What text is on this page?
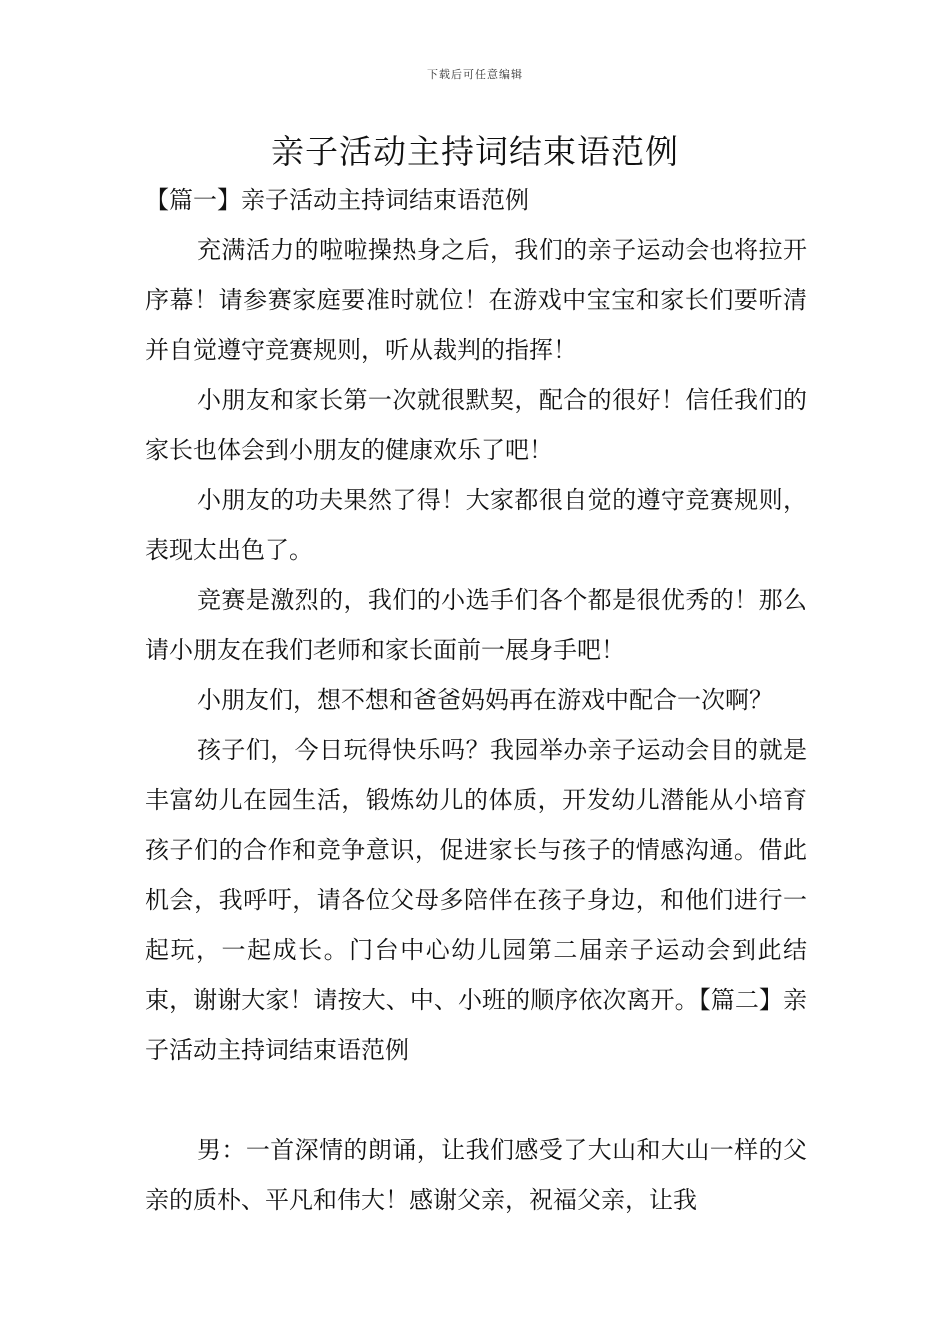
下载后可任意编辑
亲子活动主持词结束语范例

【篇一】亲子活动主持词结束语范例

充满活力的啦啦操热身之后，我们的亲子运动会也将拉开序幕！请参赛家庭要准时就位！在游戏中宝宝和家长们要听清并自觉遵守竞赛规则，听从裁判的指挥！

小朋友和家长第一次就很默契，配合的很好！信任我们的家长也体会到小朋友的健康欢乐了吧！

小朋友的功夫果然了得！大家都很自觉的遵守竞赛规则，表现太出色了。

竞赛是激烈的，我们的小选手们各个都是很优秀的！那么请小朋友在我们老师和家长面前一展身手吧！

小朋友们，想不想和爸爸妈妈再在游戏中配合一次啊？

孩子们，今日玩得快乐吗？我园举办亲子运动会目的就是丰富幼儿在园生活，锻炼幼儿的体质，开发幼儿潜能从小培育孩子们的合作和竞争意识，促进家长与孩子的情感沟通。借此机会，我呼吁，请各位父母多陪伴在孩子身边，和他们进行一起玩，一起成长。门台中心幼儿园第二届亲子运动会到此结束，谢谢大家！请按大、中、小班的顺序依次离开。【篇二】亲子活动主持词结束语范例

男：一首深情的朗诵，让我们感受了大山和大山一样的父亲的质朴、平凡和伟大！感谢父亲，祝福父亲，让我
